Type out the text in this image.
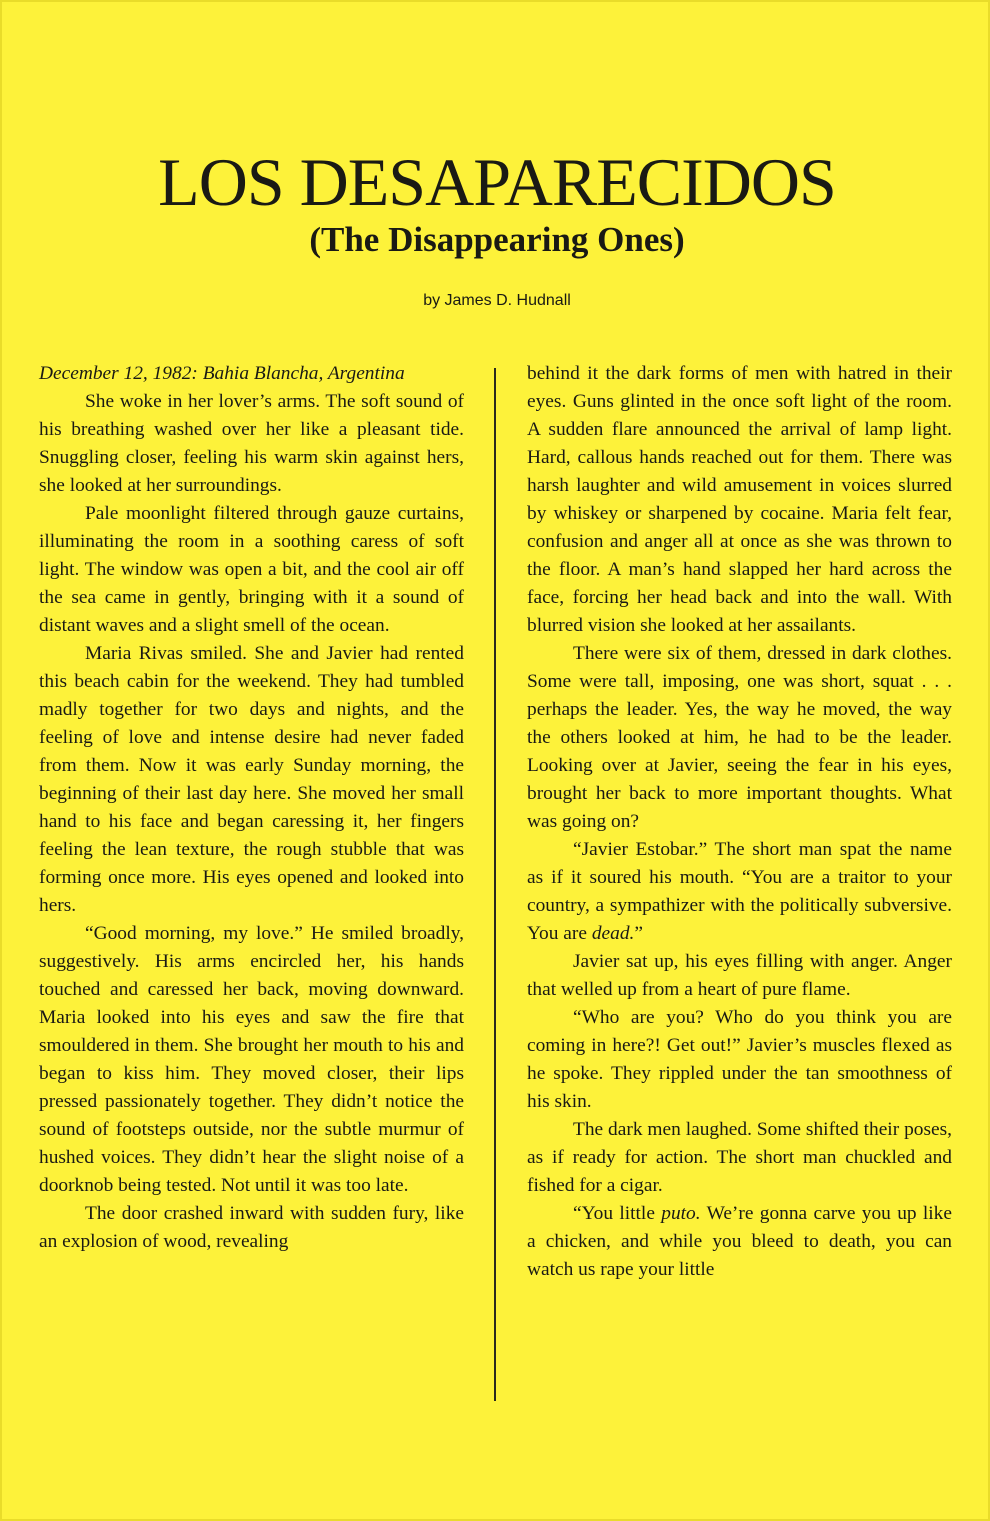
LOS DESAPARECIDOS
(The Disappearing Ones)
by James D. Hudnall
December 12, 1982: Bahia Blancha, Argentina

She woke in her lover’s arms. The soft sound of his breathing washed over her like a pleasant tide. Snuggling closer, feeling his warm skin against hers, she looked at her surroundings.

Pale moonlight filtered through gauze curtains, illuminating the room in a soothing caress of soft light. The window was open a bit, and the cool air off the sea came in gently, bringing with it a sound of distant waves and a slight smell of the ocean.

Maria Rivas smiled. She and Javier had rented this beach cabin for the weekend. They had tumbled madly together for two days and nights, and the feeling of love and intense desire had never faded from them. Now it was early Sunday morning, the beginning of their last day here. She moved her small hand to his face and began caressing it, her fingers feeling the lean texture, the rough stubble that was forming once more. His eyes opened and looked into hers.

“Good morning, my love.” He smiled broadly, suggestively. His arms encircled her, his hands touched and caressed her back, moving downward. Maria looked into his eyes and saw the fire that smouldered in them. She brought her mouth to his and began to kiss him. They moved closer, their lips pressed passionately together. They didn’t notice the sound of footsteps outside, nor the subtle murmur of hushed voices. They didn’t hear the slight noise of a doorknob being tested. Not until it was too late.

The door crashed inward with sudden fury, like an explosion of wood, revealing

behind it the dark forms of men with hatred in their eyes. Guns glinted in the once soft light of the room. A sudden flare announced the arrival of lamp light. Hard, callous hands reached out for them. There was harsh laughter and wild amusement in voices slurred by whiskey or sharpened by cocaine. Maria felt fear, confusion and anger all at once as she was thrown to the floor. A man’s hand slapped her hard across the face, forcing her head back and into the wall. With blurred vision she looked at her assailants.

There were six of them, dressed in dark clothes. Some were tall, imposing, one was short, squat . . . perhaps the leader. Yes, the way he moved, the way the others looked at him, he had to be the leader. Looking over at Javier, seeing the fear in his eyes, brought her back to more important thoughts. What was going on?

“Javier Estobar.” The short man spat the name as if it soured his mouth. “You are a traitor to your country, a sympathizer with the politically subversive. You are dead.”

Javier sat up, his eyes filling with anger. Anger that welled up from a heart of pure flame.

“Who are you? Who do you think you are coming in here?! Get out!” Javier’s muscles flexed as he spoke. They rippled under the tan smoothness of his skin.

The dark men laughed. Some shifted their poses, as if ready for action. The short man chuckled and fished for a cigar.

“You little puto. We’re gonna carve you up like a chicken, and while you bleed to death, you can watch us rape your little
